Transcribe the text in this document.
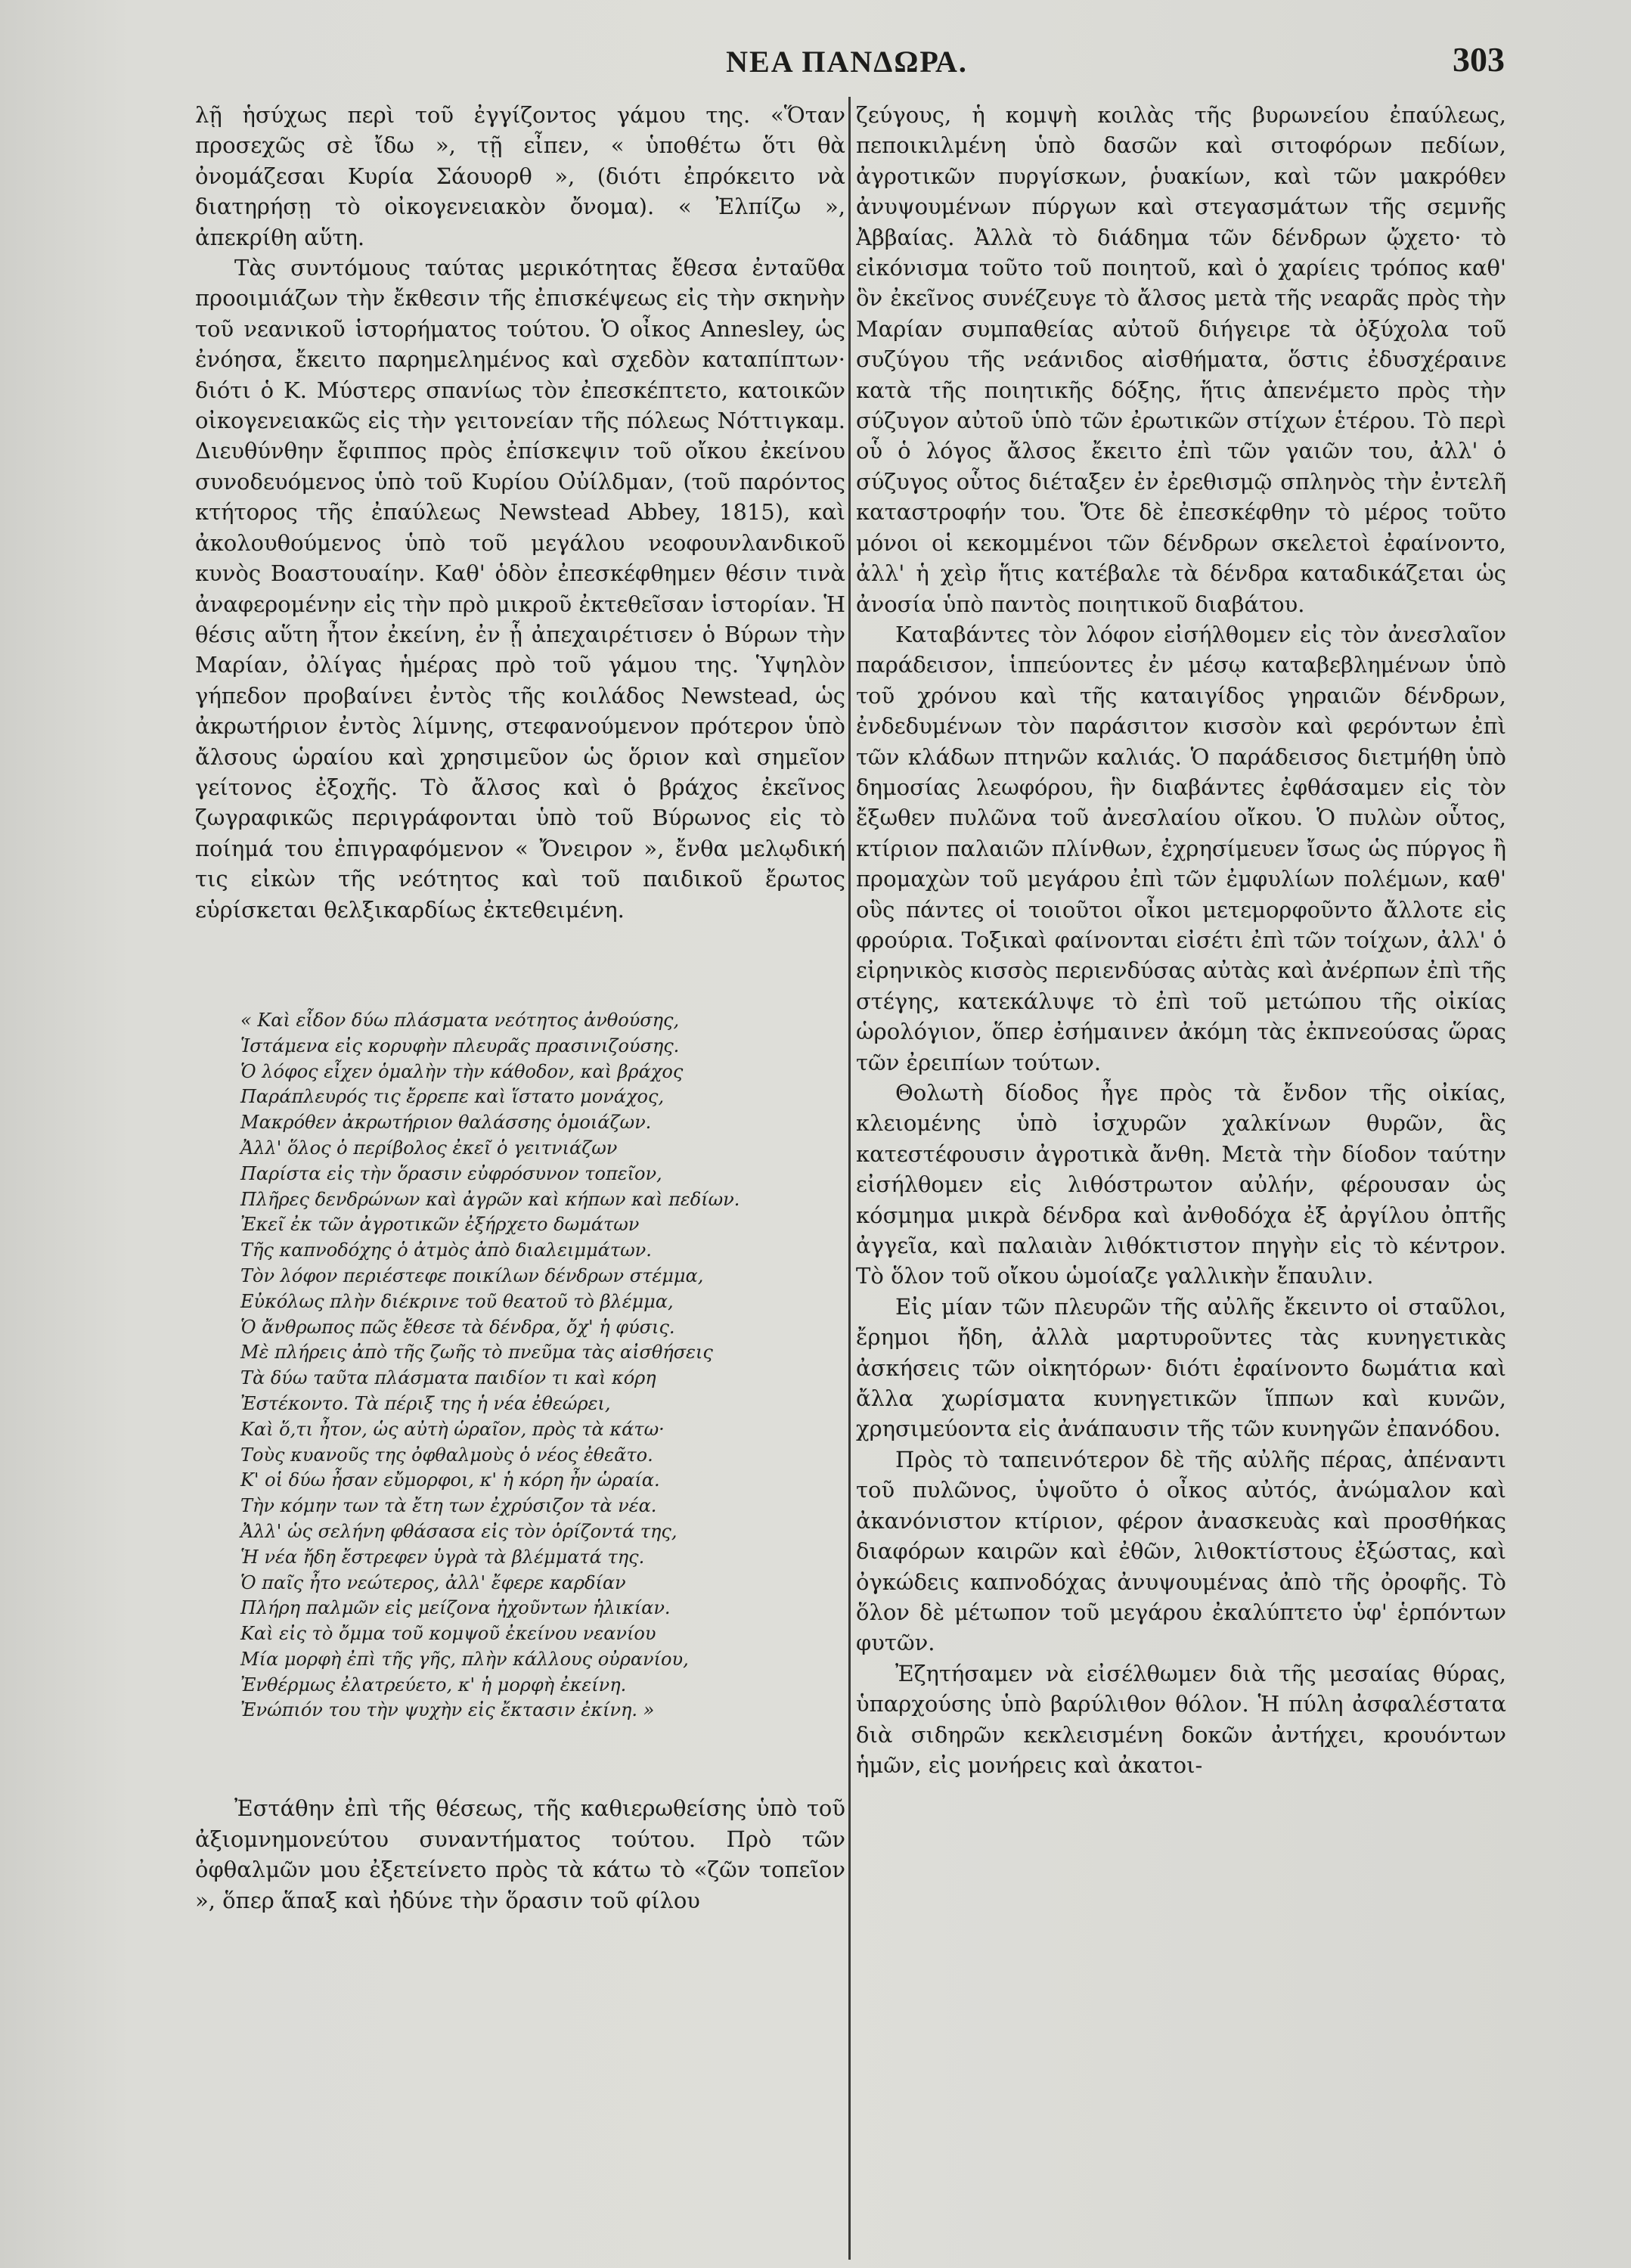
ΝΕΑ ΠΑΝΔΩΡΑ.	303

λῇ ἡσύχως περὶ τοῦ ἐγγίζοντος γάμου της. «Ὅταν προσεχῶς σὲ ἴδω », τῇ εἶπεν, « ὑποθέτω ὅτι θὰ ὀνομάζεσαι Κυρία Σάουορθ », (διότι ἐπρόκειτο νὰ διατηρήσῃ τὸ οἰκογενειακὸν ὄνομα). « Ἐλπίζω », ἀπεκρίθη αὕτη.

Τὰς συντόμους ταύτας μερικότητας ἔθεσα ἐνταῦθα προοιμιάζων τὴν ἔκθεσιν τῆς ἐπισκέψεως εἰς τὴν σκηνὴν τοῦ νεανικοῦ ἱστορήματος τούτου. Ὁ οἶκος Annesley, ὡς ἐνόησα, ἔκειτο παρημελημένος καὶ σχεδὸν καταπίπτων· διότι ὁ Κ. Μύστερς σπανίως τὸν ἐπεσκέπτετο, κατοικῶν οἰκογενειακῶς εἰς τὴν γειτονείαν τῆς πόλεως Νόττιγκαμ. Διευθύνθην ἔφιππος πρὸς ἐπίσκεψιν τοῦ οἴκου ἐκείνου συνοδευόμενος ὑπὸ τοῦ Κυρίου Οὐίλδμαν, (τοῦ παρόντος κτήτορος τῆς ἐπαύλεως Newstead Abbey, 1815), καὶ ἀκολουθούμενος ὑπὸ τοῦ μεγάλου νεοφουνλανδικοῦ κυνὸς Βοαστουαίην. Καθ' ὁδὸν ἐπεσκέφθημεν θέσιν τινὰ ἀναφερομένην εἰς τὴν πρὸ μικροῦ ἐκτεθεῖσαν ἱστορίαν. Ἡ θέσις αὕτη ἦτον ἐκείνη, ἐν ᾗ ἀπεχαιρέτισεν ὁ Βύρων τὴν Μαρίαν, ὀλίγας ἡμέρας πρὸ τοῦ γάμου της. Ὑψηλὸν γήπεδον προβαίνει ἐντὸς τῆς κοιλάδος Newstead, ὡς ἀκρωτήριον ἐντὸς λίμνης, στεφανούμενον πρότερον ὑπὸ ἄλσους ὡραίου καὶ χρησιμεῦον ὡς ὅριον καὶ σημεῖον γείτονος ἐξοχῆς. Τὸ ἄλσος καὶ ὁ βράχος ἐκεῖνος ζωγραφικῶς περιγράφονται ὑπὸ τοῦ Βύρωνος εἰς τὸ ποίημά του ἐπιγραφόμενον « Ὄνειρον », ἔνθα μελῳδική τις εἰκὼν τῆς νεότητος καὶ τοῦ παιδικοῦ ἔρωτος εὑρίσκεται θελξικαρδίως ἐκτεθειμένη.

« Καὶ εἶδον δύω πλάσματα νεότητος ἀνθούσης,
Ἱστάμενα εἰς κορυφὴν πλευρᾶς πρασινιζούσης.
Ὁ λόφος εἶχεν ὁμαλὴν τὴν κάθοδον, καὶ βράχος
Παράπλευρός τις ἔρρεπε καὶ ἵστατο μονάχος,
Μακρόθεν ἀκρωτήριον θαλάσσης ὁμοιάζων.
Ἀλλ' ὅλος ὁ περίβολος ἐκεῖ ὁ γειτνιάζων
Παρίστα εἰς τὴν ὅρασιν εὐφρόσυνον τοπεῖον,
Πλῆρες δενδρώνων καὶ ἀγρῶν καὶ κήπων καὶ πεδίων.
Ἐκεῖ ἐκ τῶν ἀγροτικῶν ἐξήρχετο δωμάτων
Τῆς καπνοδόχης ὁ ἀτμὸς ἀπὸ διαλειμμάτων.
Τὸν λόφον περιέστεφε ποικίλων δένδρων στέμμα,
Εὐκόλως πλὴν διέκρινε τοῦ θεατοῦ τὸ βλέμμα,
Ὁ ἄνθρωπος πῶς ἔθεσε τὰ δένδρα, ὄχ' ἡ φύσις.
Μὲ πλήρεις ἀπὸ τῆς ζωῆς τὸ πνεῦμα τὰς αἰσθήσεις
Τὰ δύω ταῦτα πλάσματα παιδίον τι καὶ κόρη
Ἐστέκοντο. Τὰ πέριξ της ἡ νέα ἐθεώρει,
Καὶ ὅ,τι ἦτον, ὡς αὐτὴ ὡραῖον, πρὸς τὰ κάτω·
Τοὺς κυανοῦς της ὀφθαλμοὺς ὁ νέος ἐθεᾶτο.
Κ' οἱ δύω ἦσαν εὔμορφοι, κ' ἡ κόρη ἦν ὡραία.
Τὴν κόμην των τὰ ἔτη των ἐχρύσιζον τὰ νέα.
Ἀλλ' ὡς σελήνη φθάσασα εἰς τὸν ὁρίζοντά της,
Ἡ νέα ἤδη ἔστρεφεν ὑγρὰ τὰ βλέμματά της.
Ὁ παῖς ἦτο νεώτερος, ἀλλ' ἔφερε καρδίαν
Πλήρη παλμῶν εἰς μείζονα ἠχοῦντων ἡλικίαν.
Καὶ εἰς τὸ ὄμμα τοῦ κομψοῦ ἐκείνου νεανίου
Μία μορφὴ ἐπὶ τῆς γῆς, πλὴν κάλλους οὐρανίου,
Ἐνθέρμως ἐλατρεύετο, κ' ἡ μορφὴ ἐκείνη.
Ἐνώπιόν του τὴν ψυχὴν εἰς ἔκτασιν ἐκίνη. »

Ἐστάθην ἐπὶ τῆς θέσεως, τῆς καθιερωθείσης ὑπὸ τοῦ ἀξιομνημονεύτου συναντήματος τούτου. Πρὸ τῶν ὀφθαλμῶν μου ἐξετείνετο πρὸς τὰ κάτω τὸ «ζῶν τοπεῖον », ὅπερ ἅπαξ καὶ ἠδύνε τὴν ὅρασιν τοῦ φίλου

ζεύγους, ἡ κομψὴ κοιλὰς τῆς βυρωνείου ἐπαύλεως, πεποικιλμένη ὑπὸ δασῶν καὶ σιτοφόρων πεδίων, ἀγροτικῶν πυργίσκων, ῥυακίων, καὶ τῶν μακρόθεν ἀνυψουμένων πύργων καὶ στεγασμάτων τῆς σεμνῆς Ἀββαίας. Ἀλλὰ τὸ διάδημα τῶν δένδρων ᾤχετο· τὸ εἰκόνισμα τοῦτο τοῦ ποιητοῦ, καὶ ὁ χαρίεις τρόπος καθ' ὃν ἐκεῖνος συνέζευγε τὸ ἄλσος μετὰ τῆς νεαρᾶς πρὸς τὴν Μαρίαν συμπαθείας αὐτοῦ διήγειρε τὰ ὀξύχολα τοῦ συζύγου τῆς νεάνιδος αἰσθήματα, ὅστις ἐδυσχέραινε κατὰ τῆς ποιητικῆς δόξης, ἥτις ἀπενέμετο πρὸς τὴν σύζυγον αὐτοῦ ὑπὸ τῶν ἐρωτικῶν στίχων ἑτέρου. Τὸ περὶ οὗ ὁ λόγος ἄλσος ἔκειτο ἐπὶ τῶν γαιῶν του, ἀλλ' ὁ σύζυγος οὗτος διέταξεν ἐν ἐρεθισμῷ σπληνὸς τὴν ἐντελῆ καταστροφήν του. Ὅτε δὲ ἐπεσκέφθην τὸ μέρος τοῦτο μόνοι οἱ κεκομμένοι τῶν δένδρων σκελετοὶ ἐφαίνοντο, ἀλλ' ἡ χεὶρ ἥτις κατέβαλε τὰ δένδρα καταδικάζεται ὡς ἀνοσία ὑπὸ παντὸς ποιητικοῦ διαβάτου.

Καταβάντες τὸν λόφον εἰσήλθομεν εἰς τὸν ἀνεσλαῖον παράδεισον, ἱππεύοντες ἐν μέσῳ καταβεβλημένων ὑπὸ τοῦ χρόνου καὶ τῆς καταιγίδος γηραιῶν δένδρων, ἐνδεδυμένων τὸν παράσιτον κισσὸν καὶ φερόντων ἐπὶ τῶν κλάδων πτηνῶν καλιάς. Ὁ παράδεισος διετμήθη ὑπὸ δημοσίας λεωφόρου, ἣν διαβάντες ἐφθάσαμεν εἰς τὸν ἔξωθεν πυλῶνα τοῦ ἀνεσλαίου οἴκου. Ὁ πυλὼν οὗτος, κτίριον παλαιῶν πλίνθων, ἐχρησίμευεν ἴσως ὡς πύργος ἢ προμαχὼν τοῦ μεγάρου ἐπὶ τῶν ἐμφυλίων πολέμων, καθ' οὓς πάντες οἱ τοιοῦτοι οἶκοι μετεμορφοῦντο ἄλλοτε εἰς φρούρια. Τοξικαὶ φαίνονται εἰσέτι ἐπὶ τῶν τοίχων, ἀλλ' ὁ εἰρηνικὸς κισσὸς περιενδύσας αὐτὰς καὶ ἀνέρπων ἐπὶ τῆς στέγης, κατεκάλυψε τὸ ἐπὶ τοῦ μετώπου τῆς οἰκίας ὡρολόγιον, ὅπερ ἐσήμαινεν ἀκόμη τὰς ἐκπνεούσας ὥρας τῶν ἐρειπίων τούτων.

Θολωτὴ δίοδος ἦγε πρὸς τὰ ἔνδον τῆς οἰκίας, κλειομένης ὑπὸ ἰσχυρῶν χαλκίνων θυρῶν, ἃς κατεστέφουσιν ἀγροτικὰ ἄνθη. Μετὰ τὴν δίοδον ταύτην εἰσήλθομεν εἰς λιθόστρωτον αὐλήν, φέρουσαν ὡς κόσμημα μικρὰ δένδρα καὶ ἀνθοδόχα ἐξ ἀργίλου ὀπτῆς ἀγγεῖα, καὶ παλαιὰν λιθόκτιστον πηγὴν εἰς τὸ κέντρον. Τὸ ὅλον τοῦ οἴκου ὡμοίαζε γαλλικὴν ἔπαυλιν.

Εἰς μίαν τῶν πλευρῶν τῆς αὐλῆς ἔκειντο οἱ σταῦλοι, ἔρημοι ἤδη, ἀλλὰ μαρτυροῦντες τὰς κυνηγετικὰς ἀσκήσεις τῶν οἰκητόρων· διότι ἐφαίνοντο δωμάτια καὶ ἄλλα χωρίσματα κυνηγετικῶν ἵππων καὶ κυνῶν, χρησιμεύοντα εἰς ἀνάπαυσιν τῆς τῶν κυνηγῶν ἐπανόδου.

Πρὸς τὸ ταπεινότερον δὲ τῆς αὐλῆς πέρας, ἀπέναντι τοῦ πυλῶνος, ὑψοῦτο ὁ οἶκος αὐτός, ἀνώμαλον καὶ ἀκανόνιστον κτίριον, φέρον ἀνασκευὰς καὶ προσθήκας διαφόρων καιρῶν καὶ ἐθῶν, λιθοκτίστους ἐξώστας, καὶ ὀγκώδεις καπνοδόχας ἀνυψουμένας ἀπὸ τῆς ὀροφῆς. Τὸ ὅλον δὲ μέτωπον τοῦ μεγάρου ἐκαλύπτετο ὑφ' ἑρπόντων φυτῶν.

Ἐζητήσαμεν νὰ εἰσέλθωμεν διὰ τῆς μεσαίας θύρας, ὑπαρχούσης ὑπὸ βαρύλιθον θόλον. Ἡ πύλη ἀσφαλέστατα διὰ σιδηρῶν κεκλεισμένη δοκῶν ἀντήχει, κρουόντων ἡμῶν, εἰς μονήρεις καὶ ἀκατοι-
